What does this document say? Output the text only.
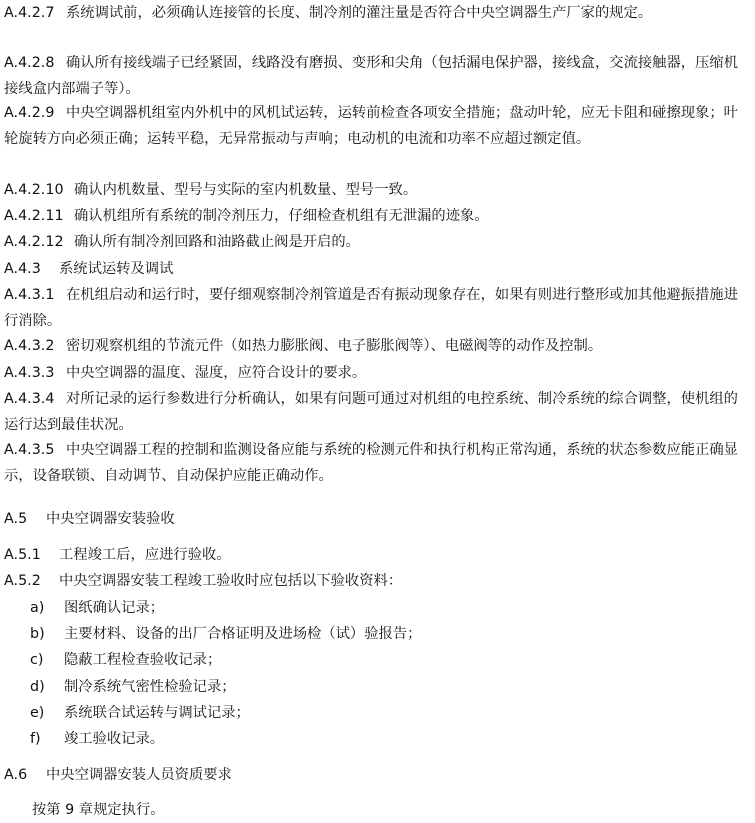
A.4.2.7 系统调试前，必须确认连接管的长度、制冷剂的灌注量是否符合中央空调器生产厂家的规定。

A.4.2.8 确认所有接线端子已经紧固，线路没有磨损、变形和尖角（包括漏电保护器，接线盒，交流接触器，压缩机接线盒内部端子等）。

A.4.2.9 中央空调器机组室内外机中的风机试运转，运转前检查各项安全措施；盘动叶轮，应无卡阻和碰擦现象；叶轮旋转方向必须正确；运转平稳，无异常振动与声响；电动机的电流和功率不应超过额定值。

A.4.2.10 确认内机数量、型号与实际的室内机数量、型号一致。

A.4.2.11 确认机组所有系统的制冷剂压力，仔细检查机组有无泄漏的迹象。

A.4.2.12 确认所有制冷剂回路和油路截止阀是开启的。

A.4.3 系统试运转及调试

A.4.3.1 在机组启动和运行时，要仔细观察制冷剂管道是否有振动现象存在，如果有则进行整形或加其他避振措施进行消除。

A.4.3.2 密切观察机组的节流元件（如热力膨胀阀、电子膨胀阀等）、电磁阀等的动作及控制。

A.4.3.3 中央空调器的温度、湿度，应符合设计的要求。

A.4.3.4 对所记录的运行参数进行分析确认，如果有问题可通过对机组的电控系统、制冷系统的综合调整，使机组的运行达到最佳状况。

A.4.3.5 中央空调器工程的控制和监测设备应能与系统的检测元件和执行机构正常沟通，系统的状态参数应能正确显示，设备联锁、自动调节、自动保护应能正确动作。

A.5 中央空调器安装验收

A.5.1 工程竣工后，应进行验收。

A.5.2 中央空调器安装工程竣工验收时应包括以下验收资料：

a) 图纸确认记录；

b) 主要材料、设备的出厂合格证明及进场检（试）验报告；

c) 隐蔽工程检查验收记录；

d) 制冷系统气密性检验记录；

e) 系统联合试运转与调试记录；

f) 竣工验收记录。

A.6 中央空调器安装人员资质要求

按第 9 章规定执行。
